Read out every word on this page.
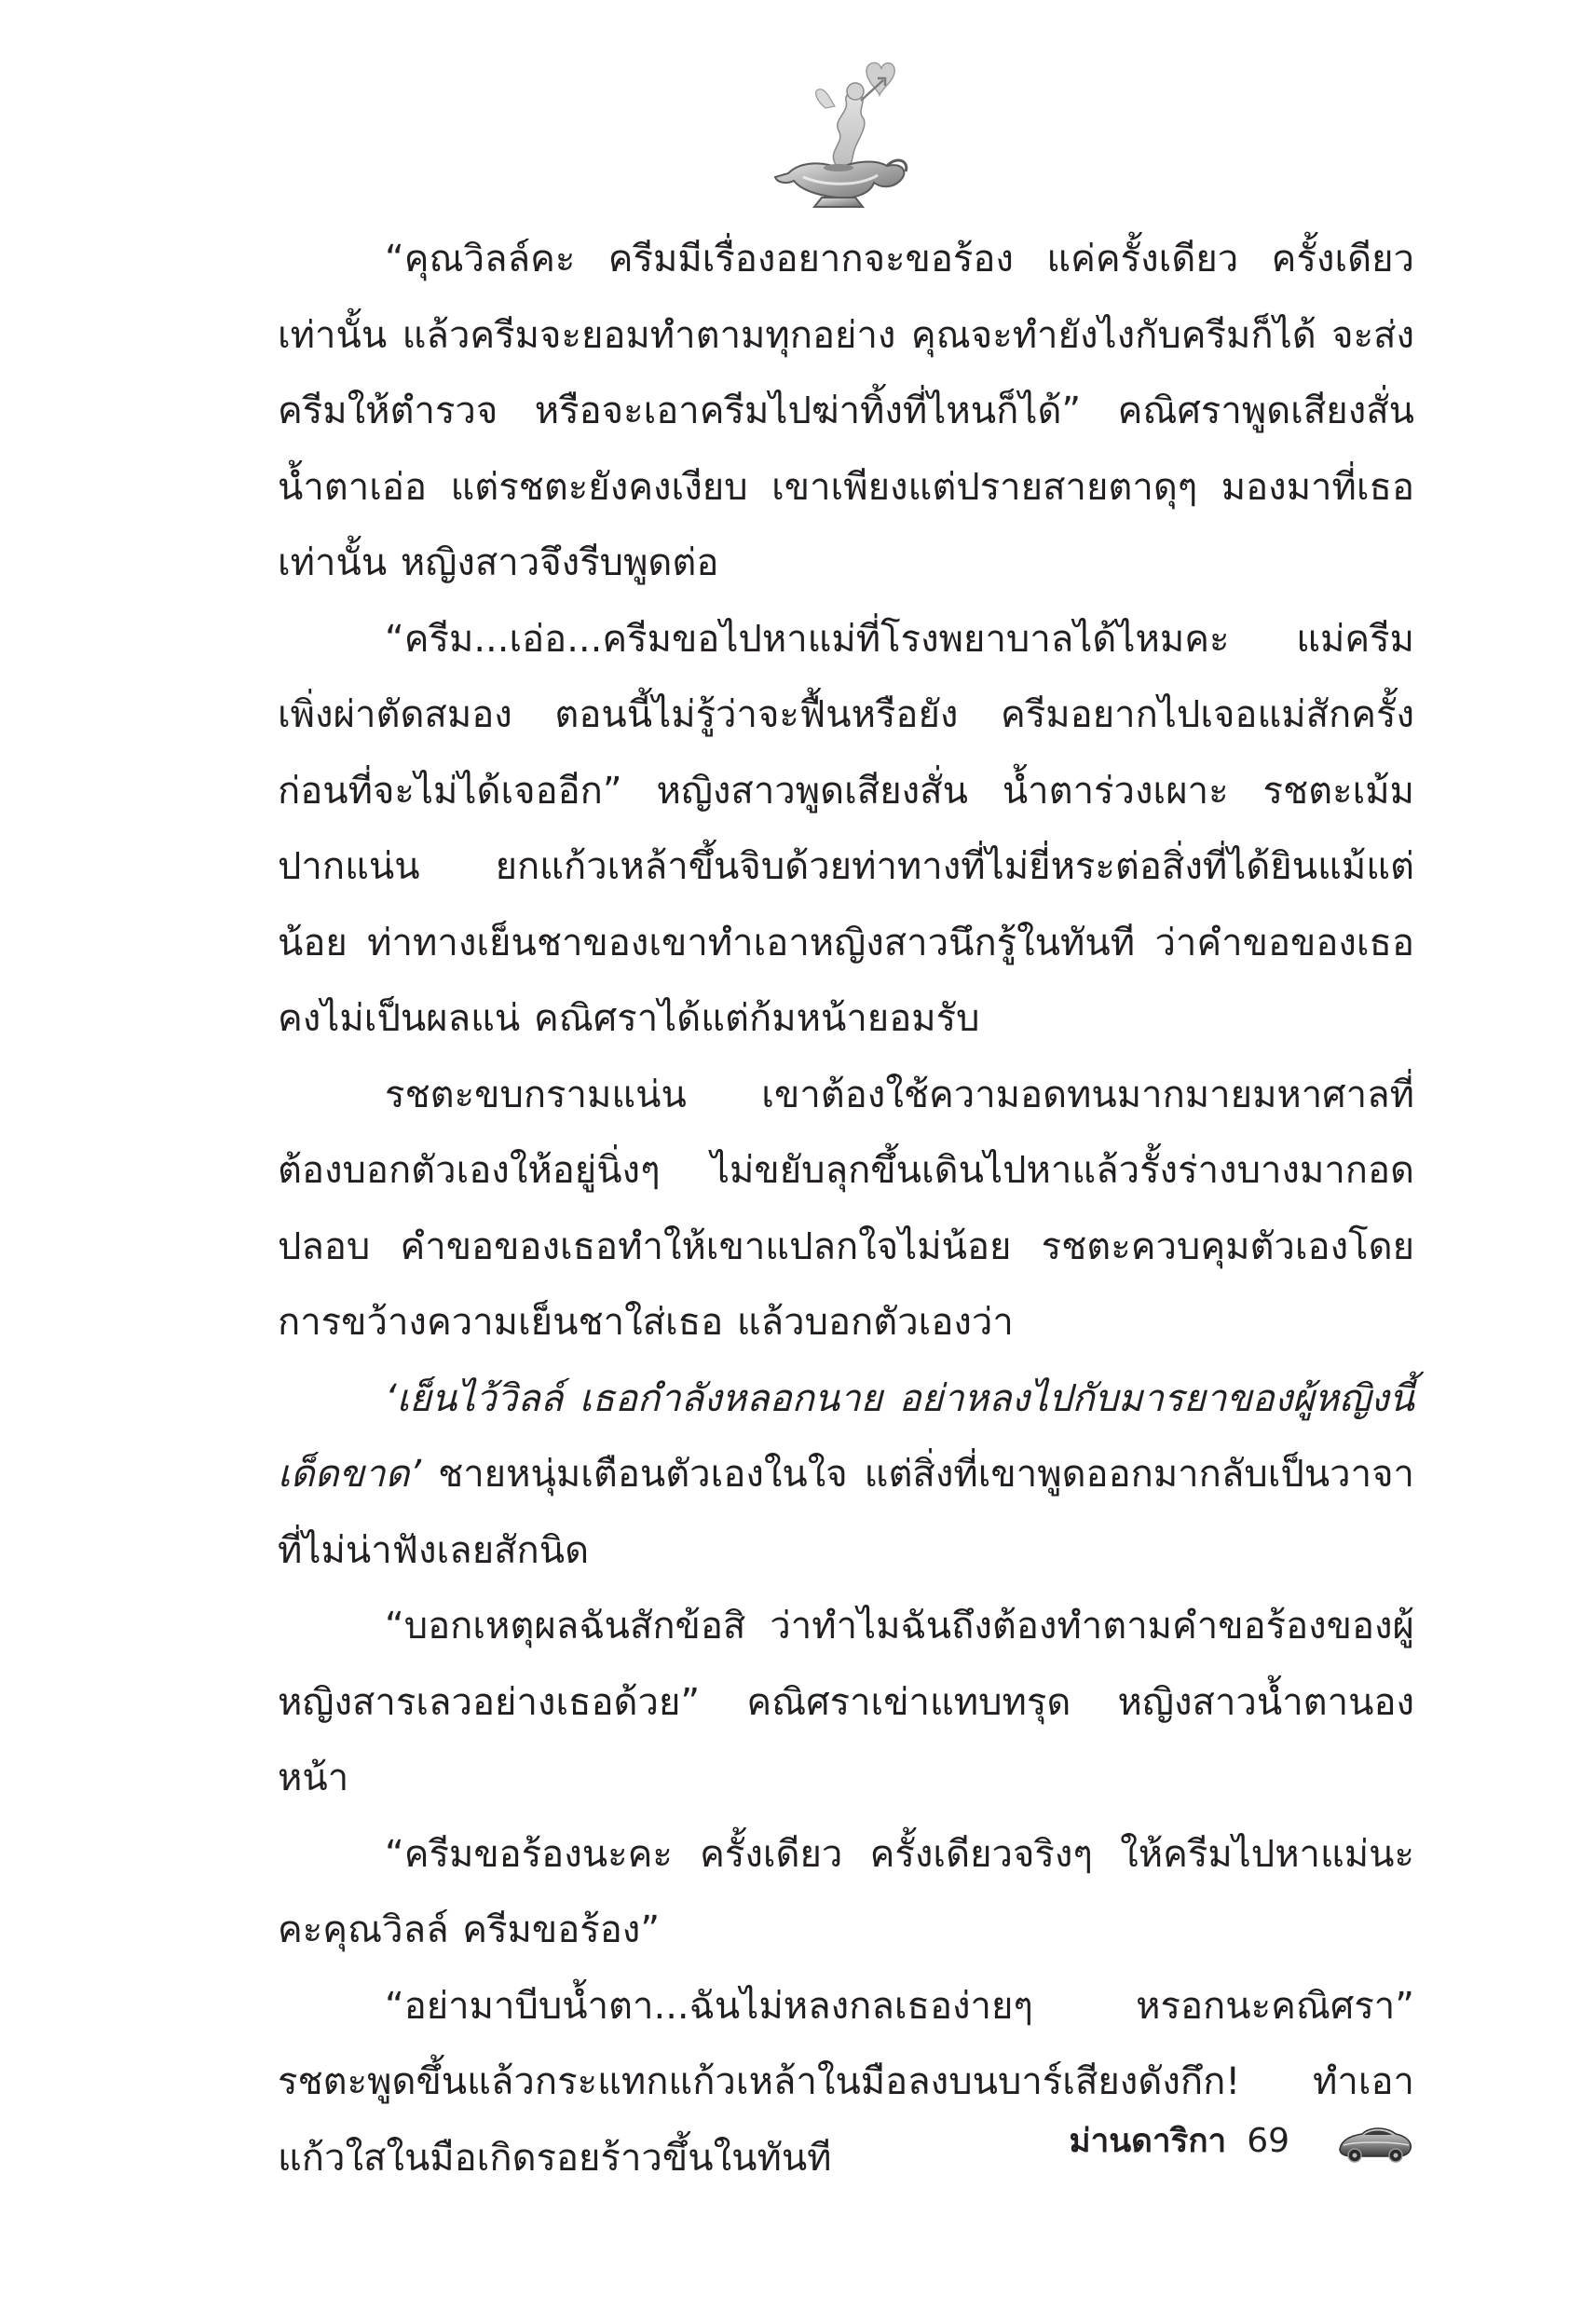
“คุณวิลล์คะ ครีมมีเรื่องอยากจะขอร้อง แค่ครั้งเดียว ครั้งเดียวเท่านั้น แล้วครีมจะยอมทำตามทุกอย่าง คุณจะทำยังไงกับครีมก็ได้ จะส่งครีมให้ตำรวจ หรือจะเอาครีมไปฆ่าทิ้งที่ไหนก็ได้” คณิศราพูดเสียงสั่น น้ำตาเอ่อ แต่รชตะยังคงเงียบ เขาเพียงแต่ปรายสายตาดุๆ มองมาที่เธอเท่านั้น หญิงสาวจึงรีบพูดต่อ

“ครีม...เอ่อ...ครีมขอไปหาแม่ที่โรงพยาบาลได้ไหมคะ แม่ครีมเพิ่งผ่าตัดสมอง ตอนนี้ไม่รู้ว่าจะฟื้นหรือยัง ครีมอยากไปเจอแม่สักครั้งก่อนที่จะไม่ได้เจออีก” หญิงสาวพูดเสียงสั่น น้ำตาร่วงเผาะ รชตะเม้มปากแน่น ยกแก้วเหล้าขึ้นจิบด้วยท่าทางที่ไม่ยี่หระต่อสิ่งที่ได้ยินแม้แต่น้อย ท่าทางเย็นชาของเขาทำเอาหญิงสาวนึกรู้ในทันที ว่าคำขอของเธอคงไม่เป็นผลแน่ คณิศราได้แต่ก้มหน้ายอมรับ

รชตะขบกรามแน่น เขาต้องใช้ความอดทนมากมายมหาศาลที่ต้องบอกตัวเองให้อยู่นิ่งๆ ไม่ขยับลุกขึ้นเดินไปหาแล้วรั้งร่างบางมากอดปลอบ คำขอของเธอทำให้เขาแปลกใจไม่น้อย รชตะควบคุมตัวเองโดยการขว้างความเย็นชาใส่เธอ แล้วบอกตัวเองว่า

‘เย็นไว้วิลล์ เธอกำลังหลอกนาย อย่าหลงไปกับมารยาของผู้หญิงนี้เด็ดขาด’ ชายหนุ่มเตือนตัวเองในใจ แต่สิ่งที่เขาพูดออกมากลับเป็นวาจาที่ไม่น่าฟังเลยสักนิด

“บอกเหตุผลฉันสักข้อสิ ว่าทำไมฉันถึงต้องทำตามคำขอร้องของผู้หญิงสารเลวอย่างเธอด้วย” คณิศราเข่าแทบทรุด หญิงสาวน้ำตานองหน้า

“ครีมขอร้องนะคะ ครั้งเดียว ครั้งเดียวจริงๆ ให้ครีมไปหาแม่นะคะคุณวิลล์ ครีมขอร้อง”

“อย่ามาบีบน้ำตา...ฉันไม่หลงกลเธอง่ายๆ หรอกนะคณิศรา” รชตะพูดขึ้นแล้วกระแทกแก้วเหล้าในมือลงบนบาร์เสียงดังกึก! ทำเอาแก้วใสในมือเกิดรอยร้าวขึ้นในทันที	ม่านดาริกา 69
